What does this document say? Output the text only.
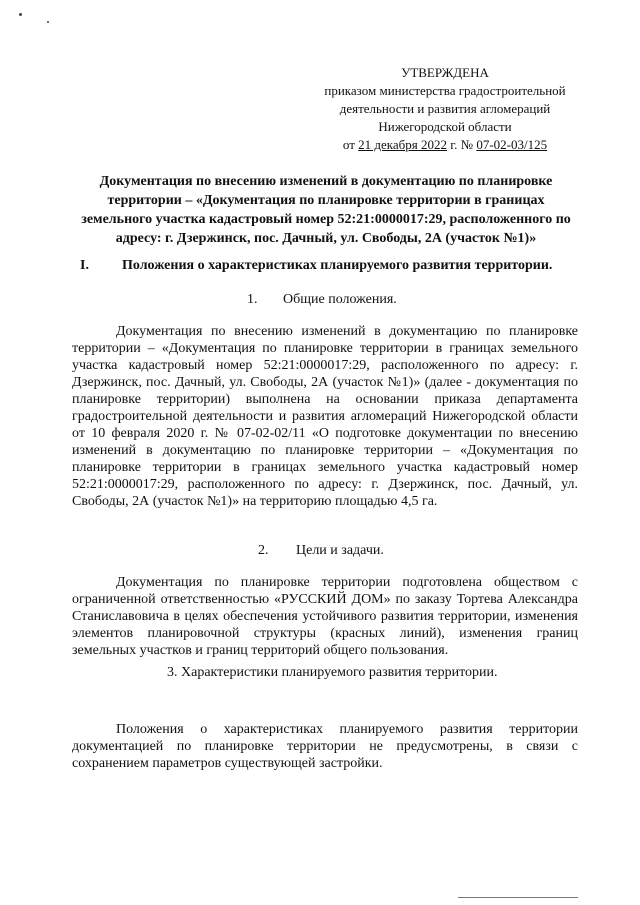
УТВЕРЖДЕНА
приказом министерства градостроительной
деятельности и развития агломераций
Нижегородской области
от 21 декабря 2022 г. № 07-02-03/125
Документация по внесению изменений в документацию по планировке территории – «Документация по планировке территории в границах земельного участка кадастровый номер 52:21:0000017:29, расположенного по адресу: г. Дзержинск, пос. Дачный, ул. Свободы, 2А (участок №1)»
I. Положения о характеристиках планируемого развития территории.
1. Общие положения.
Документация по внесению изменений в документацию по планировке территории – «Документация по планировке территории в границах земельного участка кадастровый номер 52:21:0000017:29, расположенного по адресу: г. Дзержинск, пос. Дачный, ул. Свободы, 2А (участок №1)» (далее - документация по планировке территории) выполнена на основании приказа департамента градостроительной деятельности и развития агломераций Нижегородской области от 10 февраля 2020 г. № 07-02-02/11 «О подготовке документации по внесению изменений в документацию по планировке территории – «Документация по планировке территории в границах земельного участка кадастровый номер 52:21:0000017:29, расположенного по адресу: г. Дзержинск, пос. Дачный, ул. Свободы, 2А (участок №1)» на территорию площадью 4,5 га.
2. Цели и задачи.
Документация по планировке территории подготовлена обществом с ограниченной ответственностью «РУССКИЙ ДОМ» по заказу Тортева Александра Станиславовича в целях обеспечения устойчивого развития территории, изменения элементов планировочной структуры (красных линий), изменения границ земельных участков и границ территорий общего пользования.
3. Характеристики планируемого развития территории.
Положения о характеристиках планируемого развития территории документацией по планировке территории не предусмотрены, в связи с сохранением параметров существующей застройки.
